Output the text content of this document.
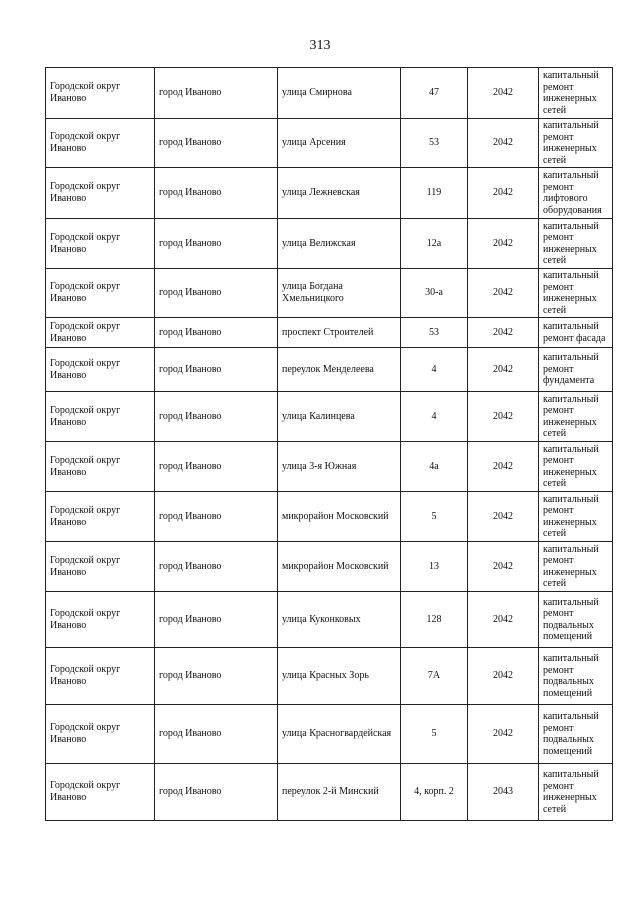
313
Городской округ Иваново	город Иваново	улица Смирнова	47	2042	капитальный ремонт инженерных сетей
Городской округ Иваново	город Иваново	улица Арсения	53	2042	капитальный ремонт инженерных сетей
Городской округ Иваново	город Иваново	улица Лежневская	119	2042	капитальный ремонт лифтового оборудования
Городской округ Иваново	город Иваново	улица Велижская	12а	2042	капитальный ремонт инженерных сетей
Городской округ Иваново	город Иваново	улица Богдана Хмельницкого	30-а	2042	капитальный ремонт инженерных сетей
Городской округ Иваново	город Иваново	проспект Строителей	53	2042	капитальный ремонт фасада
Городской округ Иваново	город Иваново	переулок Менделеева	4	2042	капитальный ремонт фундамента
Городской округ Иваново	город Иваново	улица Калинцева	4	2042	капитальный ремонт инженерных сетей
Городской округ Иваново	город Иваново	улица 3-я Южная	4а	2042	капитальный ремонт инженерных сетей
Городской округ Иваново	город Иваново	микрорайон Московский	5	2042	капитальный ремонт инженерных сетей
Городской округ Иваново	город Иваново	микрорайон Московский	13	2042	капитальный ремонт инженерных сетей
Городской округ Иваново	город Иваново	улица Куконковых	128	2042	капитальный ремонт подвальных помещений
Городской округ Иваново	город Иваново	улица Красных Зорь	7А	2042	капитальный ремонт подвальных помещений
Городской округ Иваново	город Иваново	улица Красногвардейская	5	2042	капитальный ремонт подвальных помещений
Городской округ Иваново	город Иваново	переулок 2-й Минский	4, корп. 2	2043	капитальный ремонт инженерных сетей
